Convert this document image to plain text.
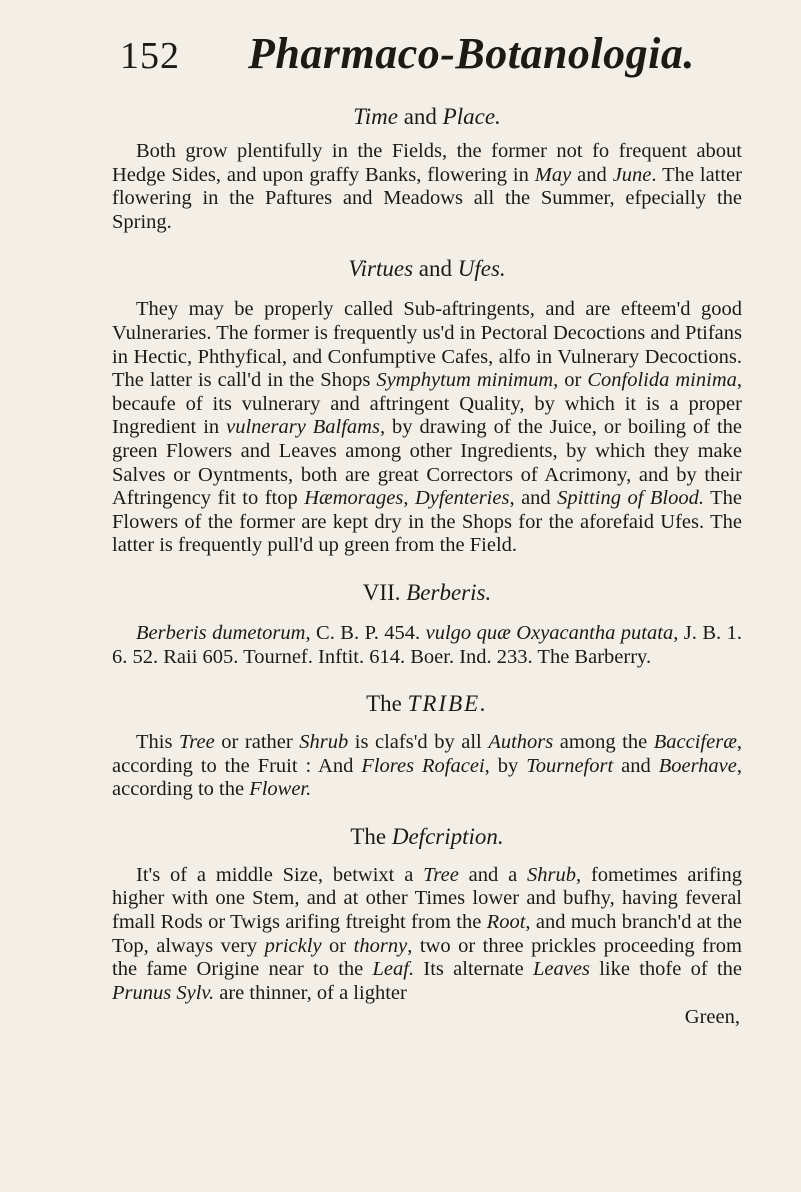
152 Pharmaco-Botanologia.
Time and Place.

Both grow plentifully in the Fields, the former not fo frequent about Hedge Sides, and upon graffy Banks, flowering in May and June. The latter flowering in the Paftures and Meadows all the Summer, efpecially the Spring.

Virtues and Ufes.

They may be properly called Sub-aftringents, and are efteem'd good Vulneraries. The former is frequently us'd in Pectoral Decoctions and Ptifans in Hectic, Phthyfical, and Confumptive Cafes, alfo in Vulnerary Decoctions. The latter is call'd in the Shops Symphytum minimum, or Confolida minima, becaufe of its vulnerary and aftringent Quality, by which it is a proper Ingredient in vulnerary Balfams, by drawing of the Juice, or boiling of the green Flowers and Leaves among other Ingredients, by which they make Salves or Oyntments, both are great Correctors of Acrimony, and by their Aftringency fit to ftop Hæmorages, Dyfenteries, and Spitting of Blood. The Flowers of the former are kept dry in the Shops for the aforefaid Ufes. The latter is frequently pull'd up green from the Field.

VII. Berberis.

Berberis dumetorum, C. B. P. 454. vulgo quæ Oxyacantha putata, J. B. 1. 6. 52. Raii 605. Tournef. Inftit. 614. Boer. Ind. 233. The Barberry.

The TRIBE.

This Tree or rather Shrub is clafs'd by all Authors among the Bacciferæ, according to the Fruit : And Flores Rofacei, by Tournefort and Boerhave, according to the Flower.

The Defcription.

It's of a middle Size, betwixt a Tree and a Shrub, fometimes arifing higher with one Stem, and at other Times lower and bufhy, having feveral fmall Rods or Twigs arifing ftreight from the Root, and much branch'd at the Top, always very prickly or thorny, two or three prickles proceeding from the fame Origine near to the Leaf. Its alternate Leaves like thofe of the Prunus Sylv. are thinner, of a lighter

Green,
